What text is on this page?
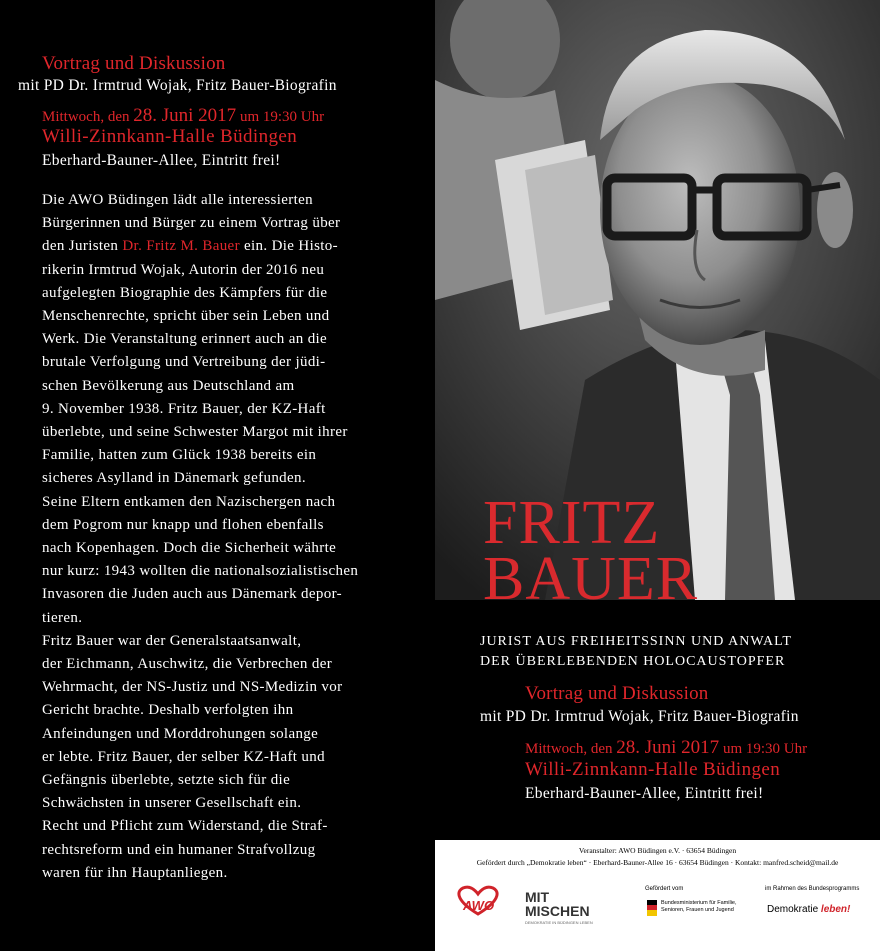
Vortrag und Diskussion
mit PD Dr. Irmtrud Wojak, Fritz Bauer-Biografin
Mittwoch, den 28. Juni 2017 um 19:30 Uhr
Willi-Zinnkann-Halle Büdingen
Eberhard-Bauner-Allee, Eintritt frei!

Die AWO Büdingen lädt alle interessierten

Bürgerinnen und Bürger zu einem Vortrag über

den Juristen Dr. Fritz M. Bauer ein. Die Histo-

rikerin Irmtrud Wojak, Autorin der 2016 neu

aufgelegten Biographie des Kämpfers für die

Menschenrechte, spricht über sein Leben und

Werk. Die Veranstaltung erinnert auch an die

brutale Verfolgung und Vertreibung der jüdi-

schen Bevölkerung aus Deutschland am

9. November 1938. Fritz Bauer, der KZ-Haft

überlebte, und seine Schwester Margot mit ihrer

Familie, hatten zum Glück 1938 bereits ein

sicheres Asylland in Dänemark gefunden.

Seine Eltern entkamen den Nazischergen nach

dem Pogrom nur knapp und flohen ebenfalls

nach Kopenhagen. Doch die Sicherheit währte

nur kurz: 1943 wollten die nationalsozialistischen

Invasoren die Juden auch aus Dänemark depor-

tieren.

Fritz Bauer war der Generalstaatsanwalt,

der Eichmann, Auschwitz, die Verbrechen der

Wehrmacht, der NS-Justiz und NS-Medizin vor

Gericht brachte. Deshalb verfolgten ihn

Anfeindungen und Morddrohungen solange

er lebte. Fritz Bauer, der selber KZ-Haft und

Gefängnis überlebte, setzte sich für die

Schwächsten in unserer Gesellschaft ein.

Recht und Pflicht zum Widerstand, die Straf-

rechtsreform und ein humaner Strafvollzug

waren für ihn Hauptanliegen.

FRITZ
BAUER
JURIST AUS FREIHEITSSINN UND ANWALT
DER ÜBERLEBENDEN HOLOCAUSTOPFER
Vortrag und Diskussion
mit PD Dr. Irmtrud Wojak, Fritz Bauer-Biografin
Mittwoch, den 28. Juni 2017 um 19:30 Uhr
Willi-Zinnkann-Halle Büdingen
Eberhard-Bauner-Allee, Eintritt frei!
Veranstalter: AWO Büdingen e.V. · 63654 Büdingen
Gefördert durch „Demokratie leben“ · Eberhard-Bauner-Allee 16 · 63654 Büdingen · Kontakt: manfred.scheid@mail.de
AWO
MIT
MISCHEN
DEMOKRATIE IN BÜDINGEN LEBEN
Gefördert vom
Bundesministerium für Familie, Senioren, Frauen und Jugend
im Rahmen des Bundesprogramms
Demokratie leben!
